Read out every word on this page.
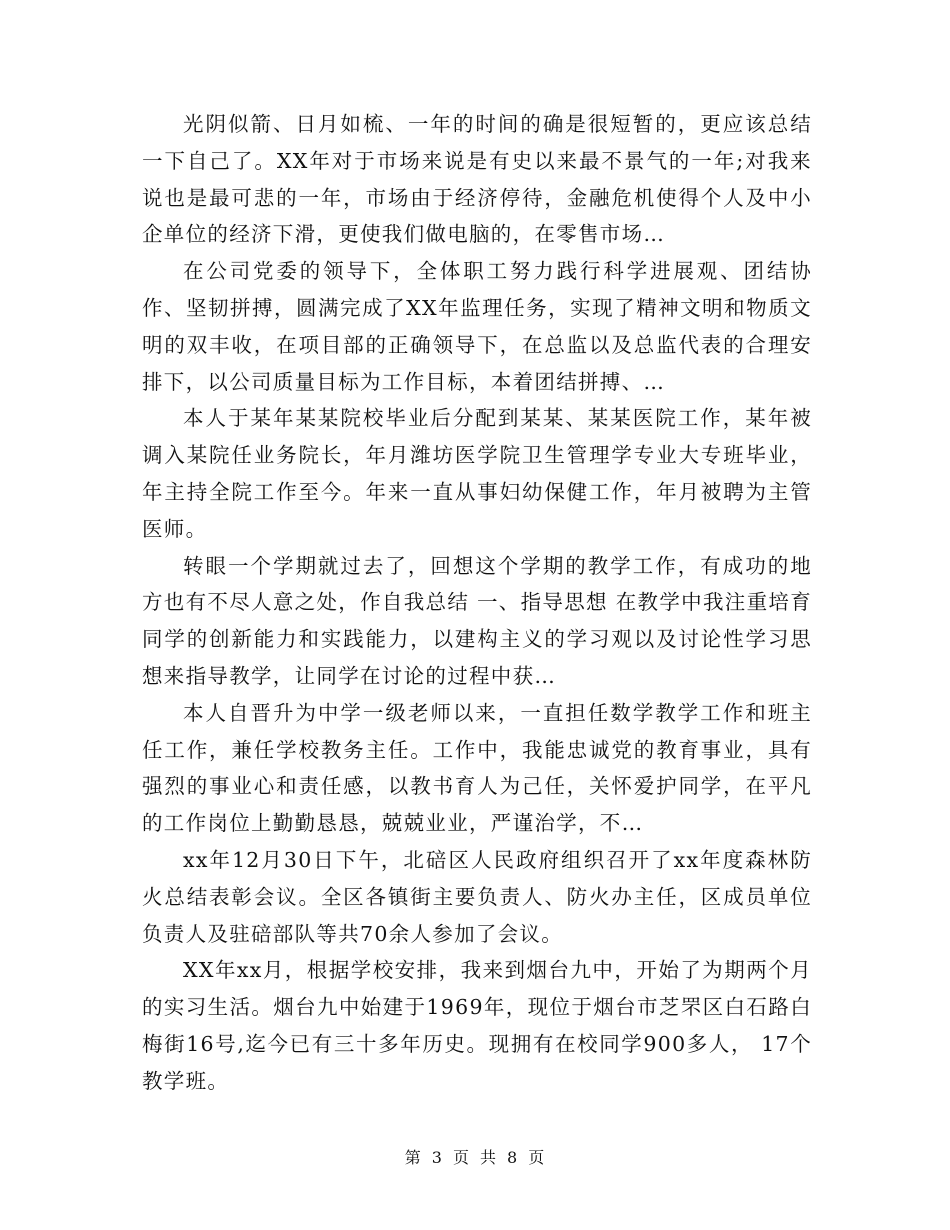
光阴似箭、日月如梳、一年的时间的确是很短暂的，更应该总结一下自己了。XX年对于市场来说是有史以来最不景气的一年;对我来说也是最可悲的一年，市场由于经济停待，金融危机使得个人及中小企单位的经济下滑，更使我们做电脑的，在零售市场…

在公司党委的领导下，全体职工努力践行科学进展观、团结协作、坚韧拼搏，圆满完成了XX年监理任务，实现了精神文明和物质文明的双丰收，在项目部的正确领导下，在总监以及总监代表的合理安排下，以公司质量目标为工作目标，本着团结拼搏、…

本人于某年某某院校毕业后分配到某某、某某医院工作，某年被调入某院任业务院长，年月潍坊医学院卫生管理学专业大专班毕业，年主持全院工作至今。年来一直从事妇幼保健工作，年月被聘为主管医师。

转眼一个学期就过去了，回想这个学期的教学工作，有成功的地方也有不尽人意之处，作自我总结 一、指导思想 在教学中我注重培育同学的创新能力和实践能力，以建构主义的学习观以及讨论性学习思想来指导教学，让同学在讨论的过程中获…

本人自晋升为中学一级老师以来，一直担任数学教学工作和班主任工作，兼任学校教务主任。工作中，我能忠诚党的教育事业，具有强烈的事业心和责任感，以教书育人为己任，关怀爱护同学，在平凡的工作岗位上勤勤恳恳，兢兢业业，严谨治学，不…

xx年12月30日下午，北碚区人民政府组织召开了xx年度森林防火总结表彰会议。全区各镇街主要负责人、防火办主任，区成员单位负责人及驻碚部队等共70余人参加了会议。

XX年xx月，根据学校安排，我来到烟台九中，开始了为期两个月的实习生活。烟台九中始建于1969年，现位于烟台市芝罘区白石路白梅街16号,迄今已有三十多年历史。现拥有在校同学900多人， 17个教学班。

第 3 页 共 8 页
